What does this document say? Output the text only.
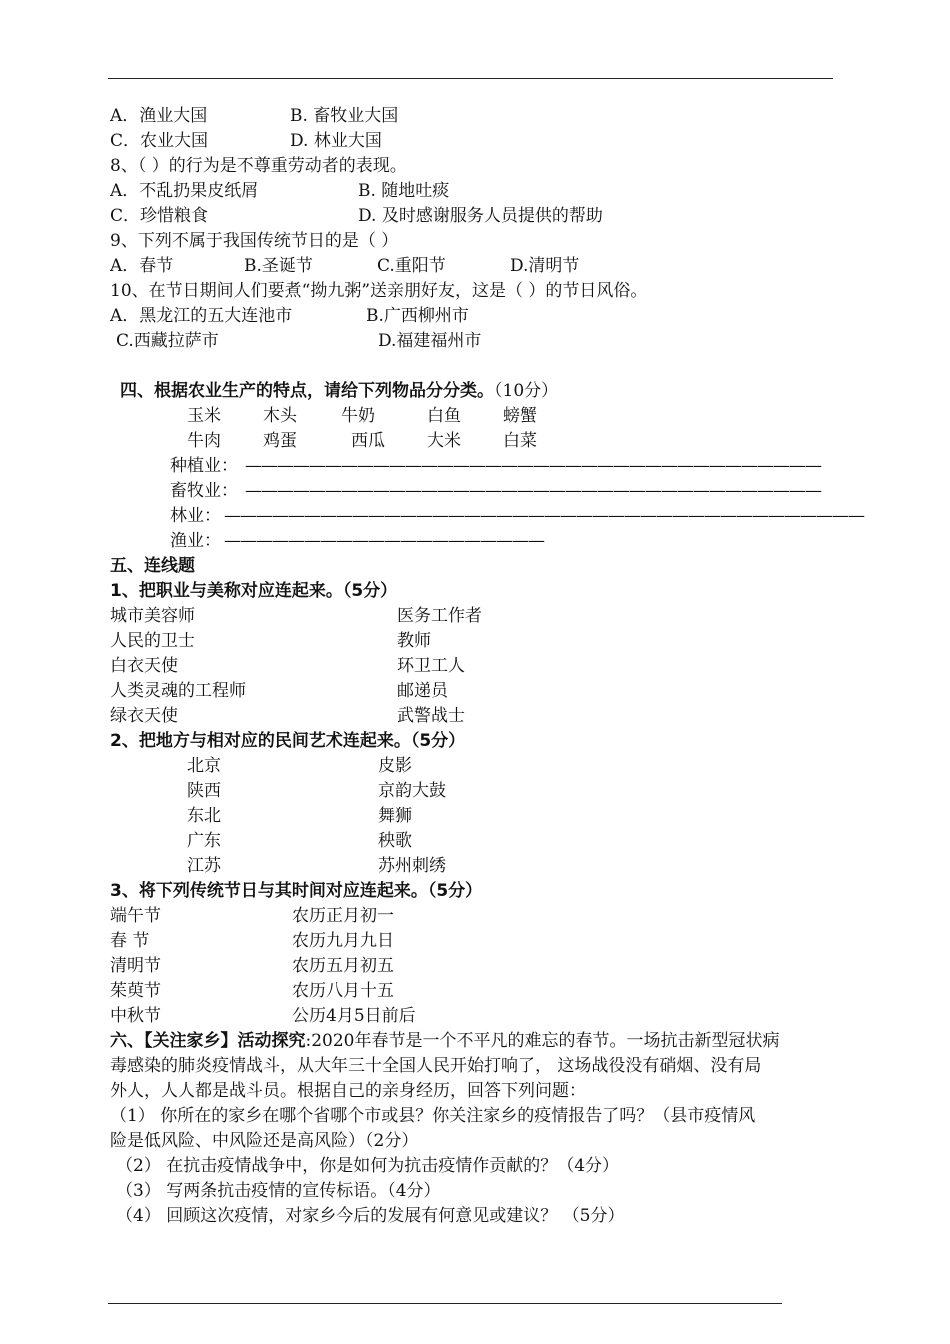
A．渔业大国	B. 畜牧业大国
C．农业大国	D. 林业大国
8、（ ）的行为是不尊重劳动者的表现。
A．不乱扔果皮纸屑	B. 随地吐痰
C．珍惜粮食	D. 及时感谢服务人员提供的帮助
9、下列不属于我国传统节日的是（ ）
A．春节	B.圣诞节	C.重阳节	D.清明节
10、在节日期间人们要煮“拗九粥”送亲朋好友，这是（ ）的节日风俗。
A．黑龙江的五大连池市	B.广西柳州市
C.西藏拉萨市	D.福建福州市
四、根据农业生产的特点，请给下列物品分分类。（10分）
玉米 木头	牛奶	白鱼 螃蟹
牛肉 鸡蛋	西瓜 大米 白菜
种植业： ————————————————————————————————————
畜牧业： ————————————————————————————————————
林业： ————————————————————————————————————————
渔业： ————————————————————
五、连线题
1、把职业与美称对应连起来。（5分）
城市美容师	医务工作者
人民的卫士	教师
白衣天使	环卫工人
人类灵魂的工程师	邮递员
绿衣天使	武警战士
2、把地方与相对应的民间艺术连起来。（5分）
北京	皮影
陕西	京韵大鼓
东北	舞狮
广东	秧歌
江苏	苏州刺绣
3、将下列传统节日与其时间对应连起来。（5分）
端午节	农历正月初一
春 节	农历九月九日
清明节	农历五月初五
茱萸节	农历八月十五
中秋节	公历4月5日前后
六、【关注家乡】活动探究:2020年春节是一个不平凡的难忘的春节。一场抗击新型冠状病
毒感染的肺炎疫情战斗，从大年三十全国人民开始打响了， 这场战役没有硝烟、没有局
外人，人人都是战斗员。根据自己的亲身经历，回答下列问题：
（1） 你所在的家乡在哪个省哪个市或县？你关注家乡的疫情报告了吗？（县市疫情风
险是低风险、中风险还是高风险）（2分）
（2） 在抗击疫情战争中，你是如何为抗击疫情作贡献的？（4分）
（3） 写两条抗击疫情的宣传标语。（4分）
（4） 回顾这次疫情，对家乡今后的发展有何意见或建议？ （5分）
